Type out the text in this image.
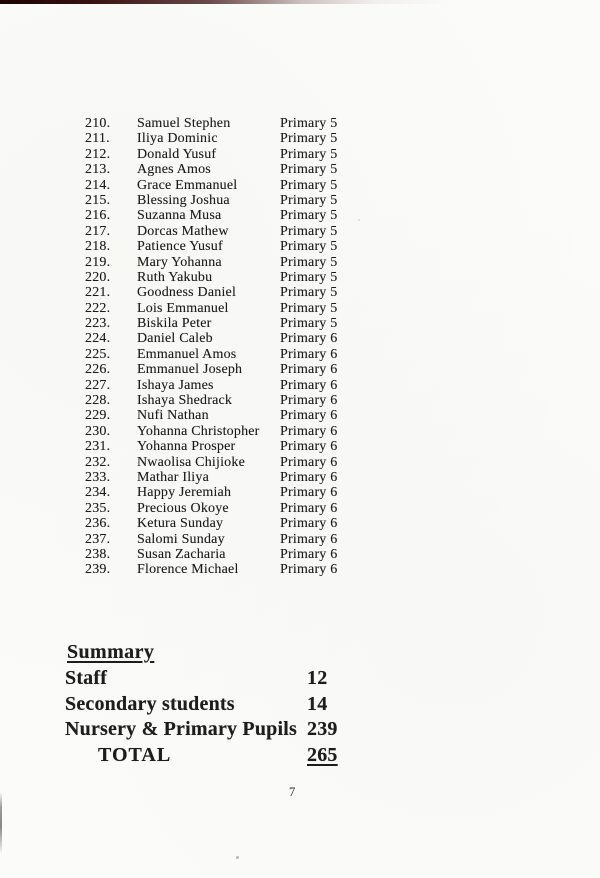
210.	Samuel Stephen	Primary 5
211.	Iliya Dominic	Primary 5
212.	Donald Yusuf	Primary 5
213.	Agnes Amos	Primary 5
214.	Grace Emmanuel	Primary 5
215.	Blessing Joshua	Primary 5
216.	Suzanna Musa	Primary 5
217.	Dorcas Mathew	Primary 5
218.	Patience Yusuf	Primary 5
219.	Mary Yohanna	Primary 5
220.	Ruth Yakubu	Primary 5
221.	Goodness Daniel	Primary 5
222.	Lois Emmanuel	Primary 5
223.	Biskila Peter	Primary 5
224.	Daniel Caleb	Primary 6
225.	Emmanuel Amos	Primary 6
226.	Emmanuel Joseph	Primary 6
227.	Ishaya James	Primary 6
228.	Ishaya Shedrack	Primary 6
229.	Nufi Nathan	Primary 6
230.	Yohanna Christopher	Primary 6
231.	Yohanna Prosper	Primary 6
232.	Nwaolisa Chijioke	Primary 6
233.	Mathar Iliya	Primary 6
234.	Happy Jeremiah	Primary 6
235.	Precious Okoye	Primary 6
236.	Ketura Sunday	Primary 6
237.	Salomi Sunday	Primary 6
238.	Susan Zacharia	Primary 6
239.	Florence Michael	Primary 6
Summary
Staff	12
Secondary students	14
Nursery & Primary Pupils 239
TOTAL	265
7
